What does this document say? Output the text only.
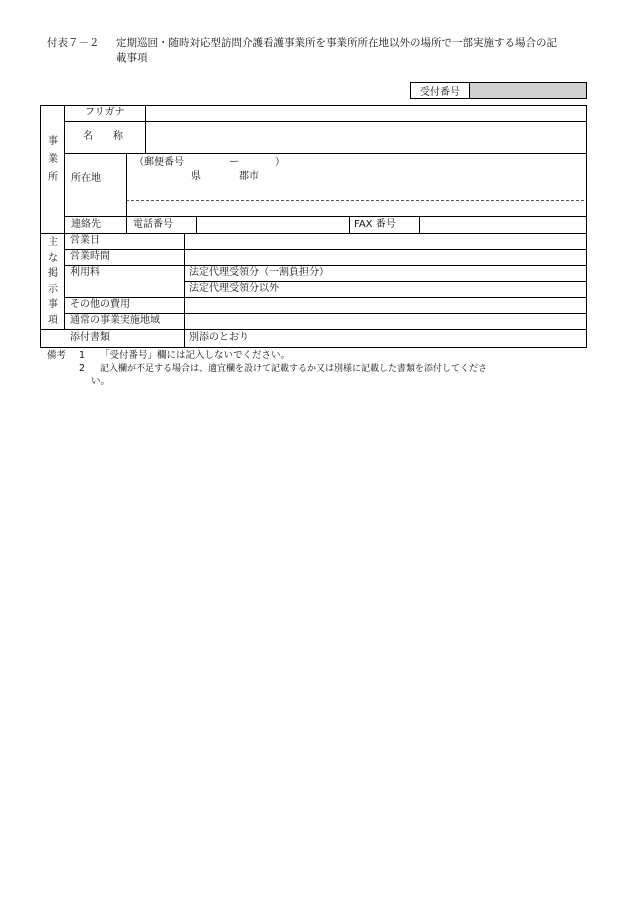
付表７－２ 定期巡回・随時対応型訪問介護看護事業所を事業所所在地以外の場所で一部実施する場合の記載事項
受付番号
事
業
所
フリガナ
名　　称
所在地
（郵便番号	ー	）
県	郡市
連絡先	電話番号	FAX 番号
主
な
掲
示
事
項
営業日
営業時間
利用料	法定代理受領分（一割負担分）
法定代理受領分以外
その他の費用
通常の事業実施地域
添付書類	別添のとおり
備考 1 「受付番号」欄には記入しないでください。
2 記入欄が不足する場合は、適宜欄を設けて記載するか又は別様に記載した書類を添付してくださ
い。
